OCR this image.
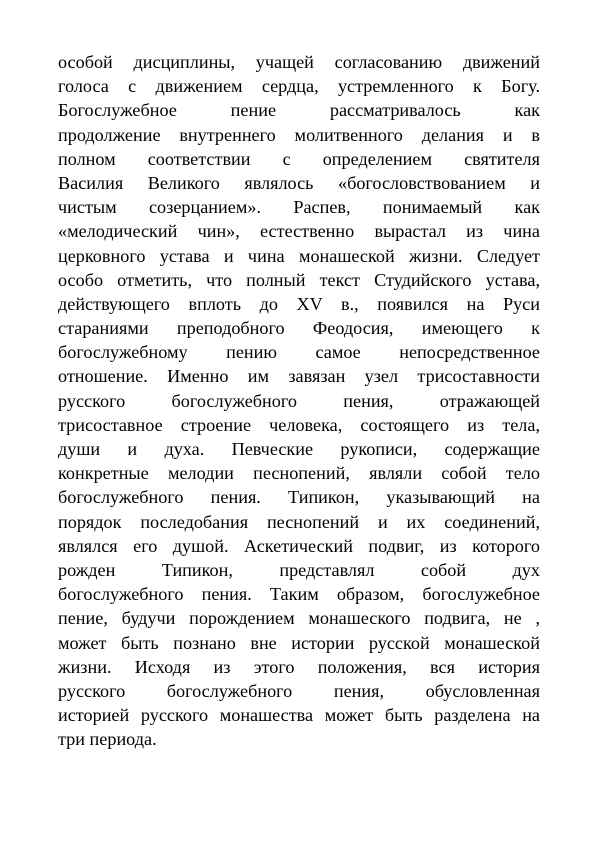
особой дисциплины, учащей согласованию движений
голоса с движением сердца, устремленного к Богу.
Богослужебное пение рассматривалось как
продолжение внутреннего молитвенного делания и в
полном соответствии с определением святителя
Василия Великого являлось «богословствованием и
чистым созерцанием». Распев, понимаемый как
«мелодический чин», естественно вырастал из чина
церковного устава и чина монашеской жизни. Следует
особо отметить, что полный текст Студийского устава,
действующего вплоть до XV в., появился на Руси
стараниями преподобного Феодосия, имеющего к
богослужебному пению самое непосредственное
отношение. Именно им завязан узел трисоставности
русского богослужебного пения, отражающей
трисоставное строение человека, состоящего из тела,
души и духа. Певческие рукописи, содержащие
конкретные мелодии песнопений, являли собой тело
богослужебного пения. Типикон, указывающий на
порядок последобания песнопений и их соединений,
являлся его душой. Аскетический подвиг, из которого
рожден Типикон, представлял собой дух
богослужебного пения. Таким образом, богослужебное
пение, будучи порождением монашеского подвига, не ,
может быть познано вне истории русской монашеской
жизни. Исходя из этого положения, вся история
русского богослужебного пения, обусловленная
историей русского монашества может быть разделена на
три периода.
